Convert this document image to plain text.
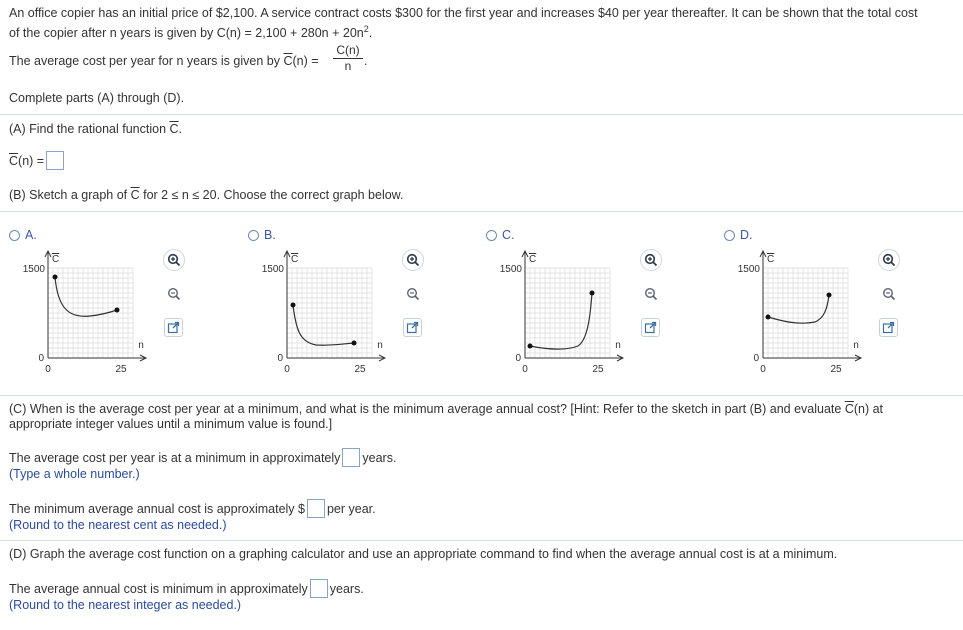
An office copier has an initial price of $2,100. A service contract costs $300 for the first year and increases $40 per year thereafter. It can be shown that the total cost
of the copier after n years is given by $C(n) = 2,100 + 280n + 20n^2$.
The average cost per year for n years is given by $\overline{C}(n) = \frac{C(n)}{n}$ .
Complete parts (A) through (D).
(A) Find the rational function $\overline{C}$.
$\overline{C}$ (n) =
(B) Sketch a graph of $\overline{C}$ for 2 ≤ n ≤ 20. Choose the correct graph below.
A.
C
1500
0
n
0	25
B.
C
1500
0
n
0	25
C.
C
1500
0
n
0	25
D.
C
1500
0
n
0	25
(C) When is the average cost per year at a minimum, and what is the minimum average annual cost? [Hint: Refer to the sketch in part (B) and evaluate $\overline{C}(n)$ at
appropriate integer values until a minimum value is found.]
The average cost per year is at a minimum in approximately years.
(Type a whole number.)
The minimum average annual cost is approximately $ per year.
(Round to the nearest cent as needed.)
(D) Graph the average cost function on a graphing calculator and use an appropriate command to find when the average annual cost is at a minimum.
The average annual cost is minimum in approximately years.
(Round to the nearest integer as needed.)
